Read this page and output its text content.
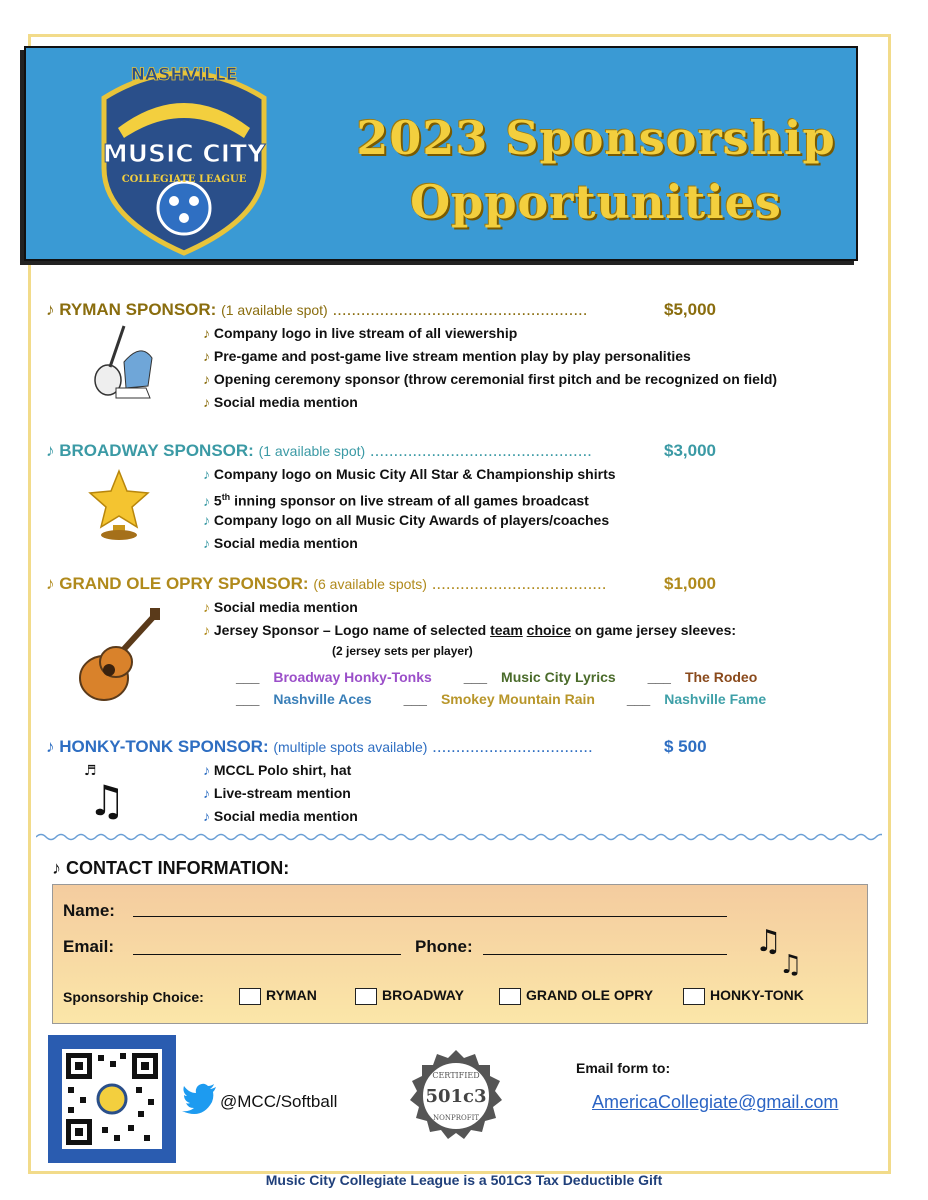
NASHVILLE
MUSIC CITY
COLLEGIATE LEAGUE
2023 Sponsorship
Opportunities
♪ RYMAN SPONSOR: (1 available spot) ......................................................	$5,000
♪ Company logo in live stream of all viewership
♪ Pre-game and post-game live stream mention play by play personalities
♪ Opening ceremony sponsor (throw ceremonial first pitch and be recognized on field)
♪ Social media mention
♪ BROADWAY SPONSOR: (1 available spot) ...............................................	$3,000
♪ Company logo on Music City All Star & Championship shirts
♪ 5th inning sponsor on live stream of all games broadcast
♪ Company logo on all Music City Awards of players/coaches
♪ Social media mention
♪ GRAND OLE OPRY SPONSOR: (6 available spots) .....................................	$1,000
♪ Social media mention
♪ Jersey Sponsor – Logo name of selected team choice on game jersey sleeves:
(2 jersey sets per player)
___ Broadway Honky-Tonks ___ Music City Lyrics ___ The Rodeo
___ Nashville Aces ___ Smokey Mountain Rain ___ Nashville Fame
♪ HONKY-TONK SPONSOR: (multiple spots available) ..................................	$ 500
♬
♫
♪ MCCL Polo shirt, hat
♪ Live-stream mention
♪ Social media mention
♪ CONTACT INFORMATION:
Name:
Email:	Phone:	♫
♫
Sponsorship Choice:	RYMAN	BROADWAY	GRAND OLE OPRY	HONKY-TONK
@MCC/Softball
CERTIFIED
501c3
NONPROFIT
Email form to:
AmericaCollegiate@gmail.com
Music City Collegiate League is a 501C3 Tax Deductible Gift
